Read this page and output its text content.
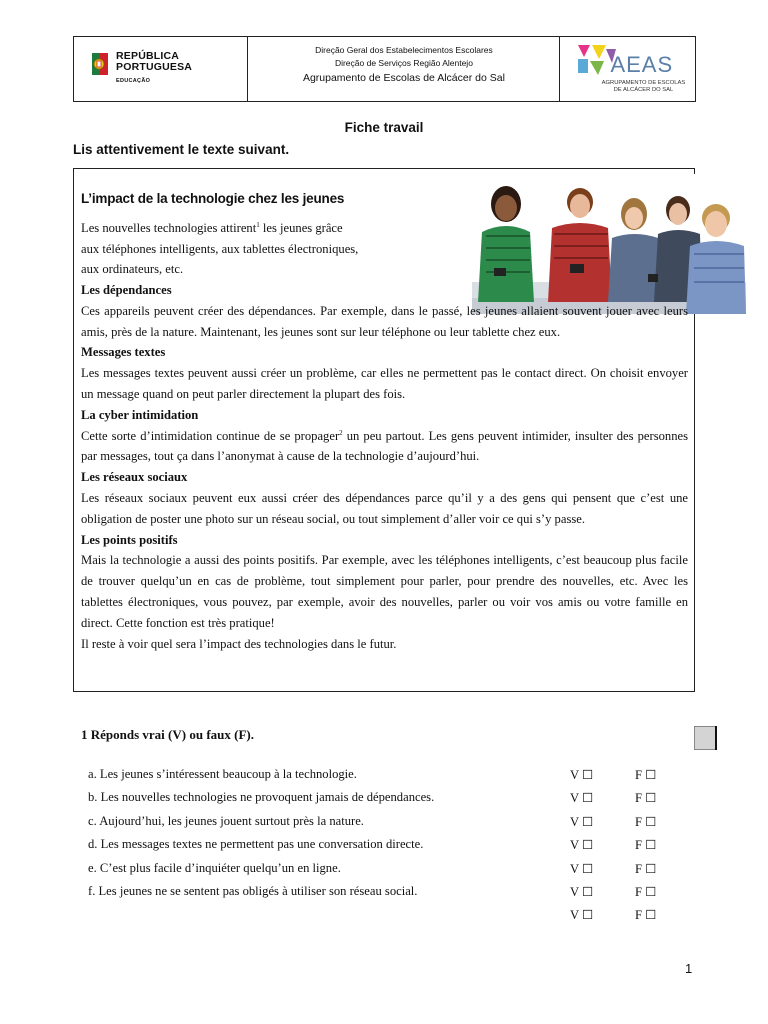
REPÚBLICA
PORTUGUESA
EDUCAÇÃO
Direção Geral dos Estabelecimentos Escolares
Direção de Serviços Região Alentejo
Agrupamento de Escolas de Alcácer do Sal
AEAS
AGRUPAMENTO DE ESCOLAS DE ALCÁCER DO SAL
Fiche travail
Lis attentivement le texte suivant.
L’impact de la technologie chez les jeunes

Les nouvelles technologies attirent$^1$ les jeunes grâce

aux téléphones intelligents, aux tablettes électroniques,

aux ordinateurs, etc.

Les dépendances

Ces appareils peuvent créer des dépendances. Par exemple, dans le passé, les jeunes allaient souvent jouer avec leurs amis, près de la nature. Maintenant, les jeunes sont sur leur téléphone ou leur tablette chez eux.

Messages textes

Les messages textes peuvent aussi créer un problème, car elles ne permettent pas le contact direct. On choisit envoyer un message quand on peut parler directement la plupart des fois.

La cyber intimidation

Cette sorte d’intimidation continue de se propager$^2$ un peu partout. Les gens peuvent intimider, insulter des personnes par messages, tout ça dans l’anonymat à cause de la technologie d’aujourd’hui.

Les réseaux sociaux

Les réseaux sociaux peuvent eux aussi créer des dépendances parce qu’il y a des gens qui pensent que c’est une obligation de poster une photo sur un réseau social, ou tout simplement d’aller voir ce qui s’y passe.

Les points positifs

Mais la technologie a aussi des points positifs. Par exemple, avec les téléphones intelligents, c’est beaucoup plus facile de trouver quelqu’un en cas de problème, tout simplement pour parler, pour prendre des nouvelles, etc. Avec les tablettes électroniques, vous pouvez, par exemple, avoir des nouvelles, parler ou voir vos amis ou votre famille en direct. Cette fonction est très pratique!

Il reste à voir quel sera l’impact des technologies dans le futur.

1 Réponds vrai (V) ou faux (F).
a. Les jeunes s’intéressent beaucoup à la technologie.	V ☐	F ☐
b. Les nouvelles technologies ne provoquent jamais de dépendances.	V ☐	F ☐
c. Aujourd’hui, les jeunes jouent surtout près la nature.	V ☐	F ☐
d. Les messages textes ne permettent pas une conversation directe.	V ☐	F ☐
e. C’est plus facile d’inquiéter quelqu’un en ligne.	V ☐	F ☐
f. Les jeunes ne se sentent pas obligés à utiliser son réseau social.	V ☐	F ☐
V ☐	F ☐
1
